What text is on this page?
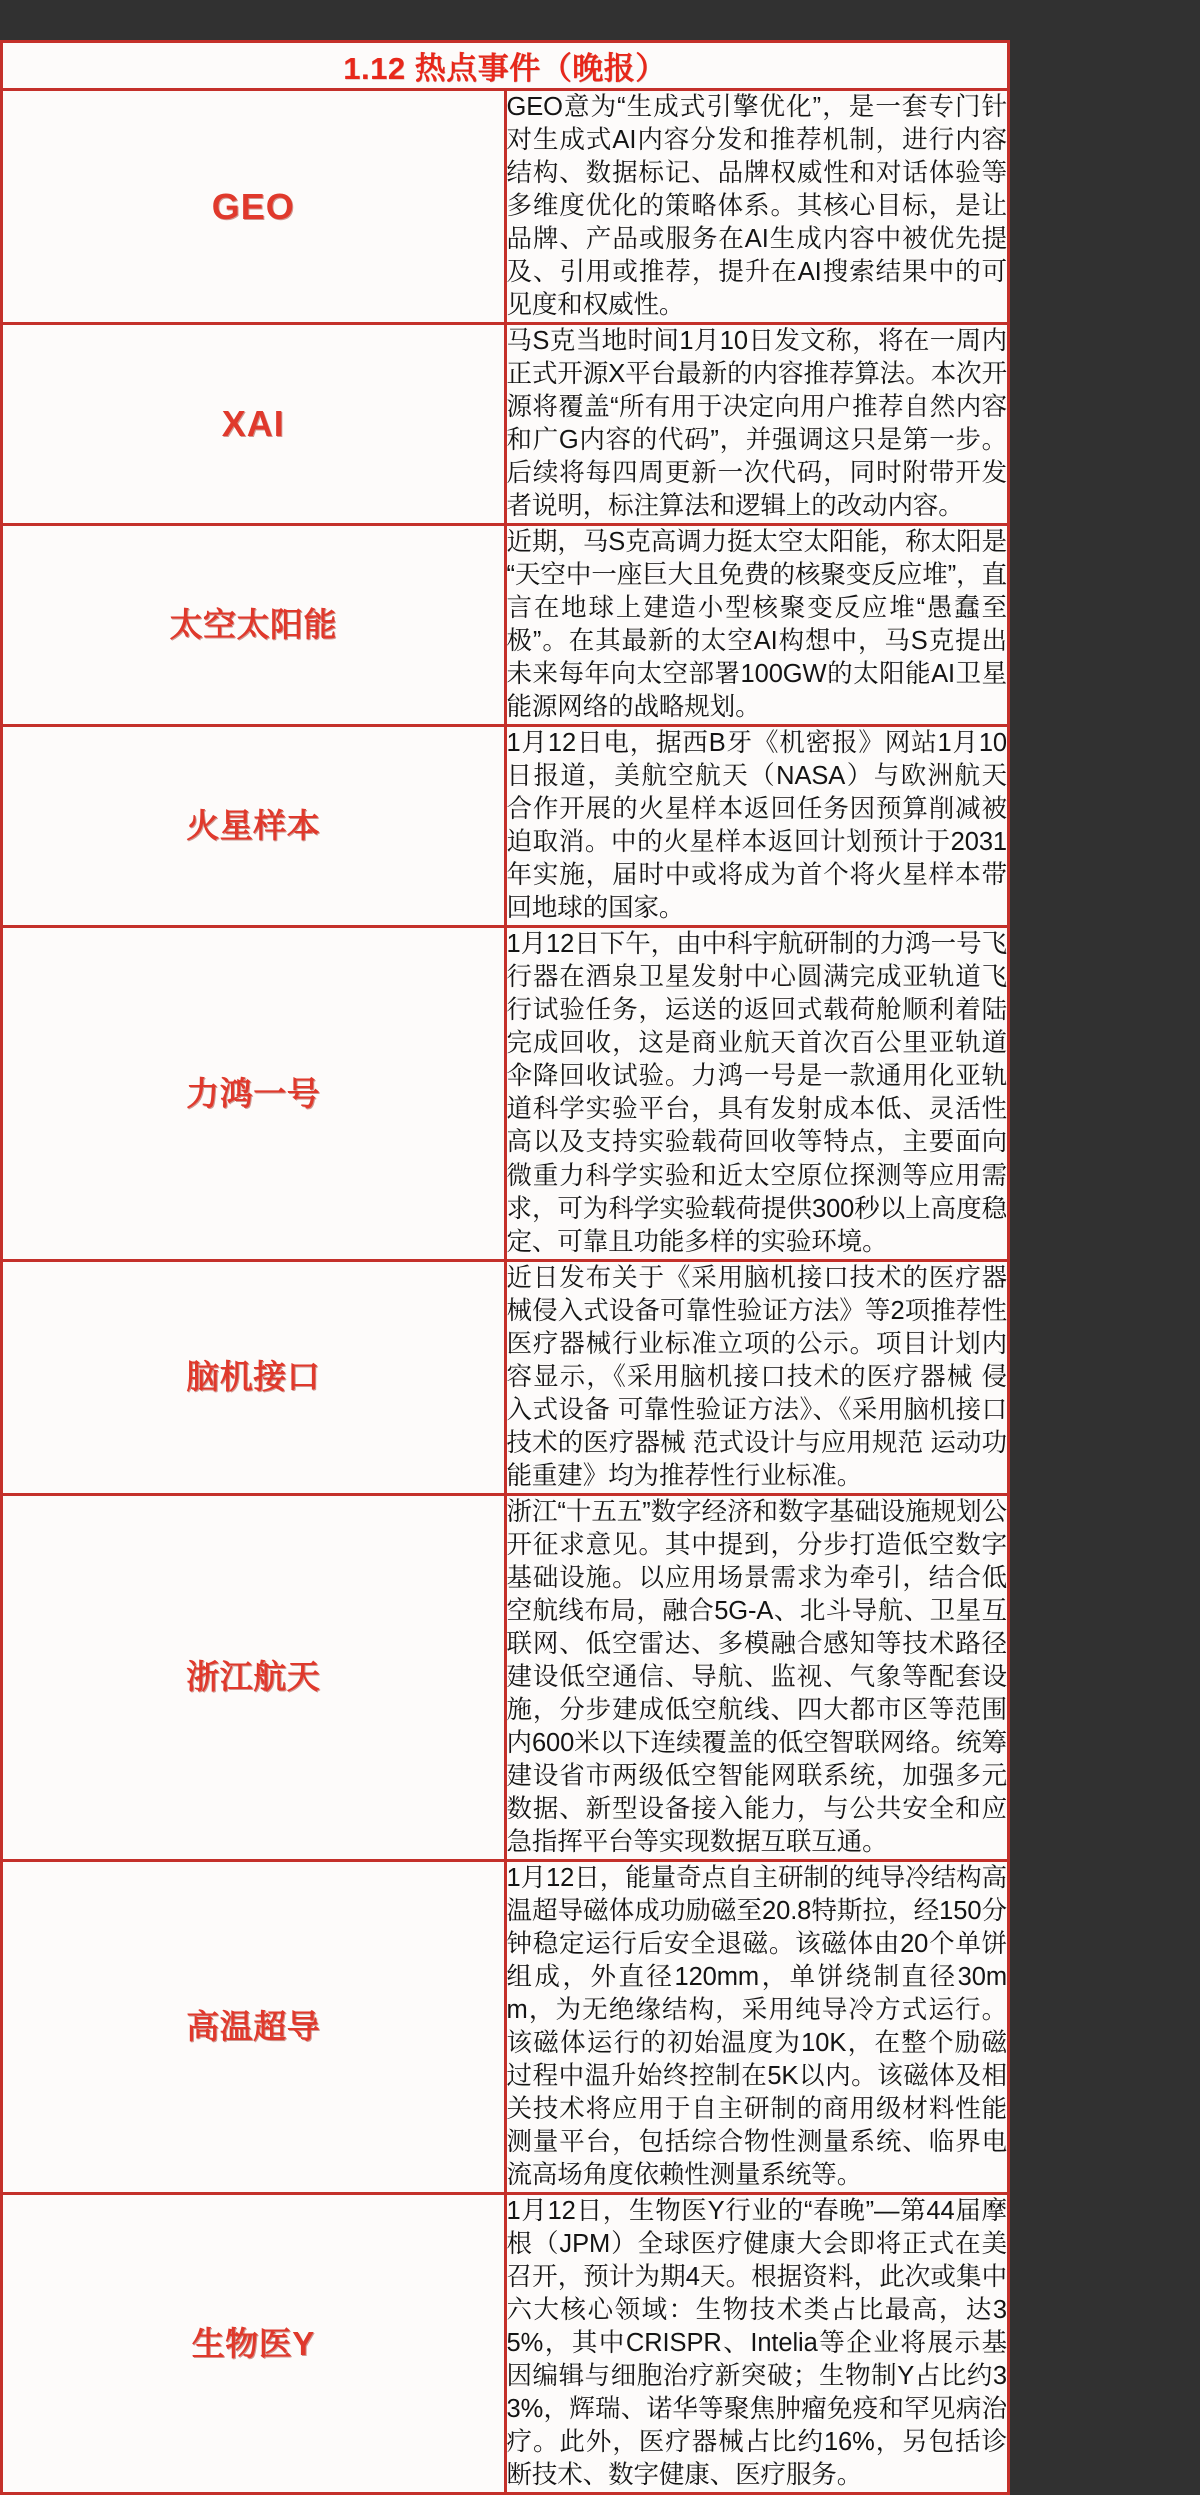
1.12 热点事件（晚报）	
GEO	GEO意为“生成式引擎优化”，是一套专门针对生成式AI内容分发和推荐机制，进行内容结构、数据标记、品牌权威性和对话体验等多维度优化的策略体系。其核心目标，是让品牌、产品或服务在AI生成内容中被优先提及、引用或推荐，提升在AI搜索结果中的可见度和权威性。

XAI	马S克当地时间1月10日发文称，将在一周内正式开源X平台最新的内容推荐算法。本次开源将覆盖“所有用于决定向用户推荐自然内容和广G内容的代码”，并强调这只是第一步。后续将每四周更新一次代码，同时附带开发者说明，标注算法和逻辑上的改动内容。

太空太阳能	近期，马S克高调力挺太空太阳能，称太阳是“天空中一座巨大且免费的核聚变反应堆”，直言在地球上建造小型核聚变反应堆“愚蠢至极”。在其最新的太空AI构想中，马S克提出未来每年向太空部署100GW的太阳能AI卫星能源网络的战略规划。

火星样本	1月12日电，据西B牙《机密报》网站1月10日报道，美航空航天（NASA）与欧洲航天合作开展的火星样本返回任务因预算削减被迫取消。中的火星样本返回计划预计于2031年实施，届时中或将成为首个将火星样本带回地球的国家。

力鸿一号	1月12日下午，由中科宇航研制的力鸿一号飞行器在酒泉卫星发射中心圆满完成亚轨道飞行试验任务，运送的返回式载荷舱顺利着陆完成回收，这是商业航天首次百公里亚轨道伞降回收试验。力鸿一号是一款通用化亚轨道科学实验平台，具有发射成本低、灵活性高以及支持实验载荷回收等特点，主要面向微重力科学实验和近太空原位探测等应用需求，可为科学实验载荷提供300秒以上高度稳定、可靠且功能多样的实验环境。

脑机接口	近日发布关于《采用脑机接口技术的医疗器械侵入式设备可靠性验证方法》等2项推荐性医疗器械行业标准立项的公示。项目计划内容显示，《采用脑机接口技术的医疗器械 侵入式设备 可靠性验证方法》、《采用脑机接口技术的医疗器械 范式设计与应用规范 运动功能重建》均为推荐性行业标准。

浙江航天	浙江“十五五”数字经济和数字基础设施规划公开征求意见。其中提到，分步打造低空数字基础设施。以应用场景需求为牵引，结合低空航线布局，融合5G-A、北斗导航、卫星互联网、低空雷达、多模融合感知等技术路径建设低空通信、导航、监视、气象等配套设施，分步建成低空航线、四大都市区等范围内600米以下连续覆盖的低空智联网络。统筹建设省市两级低空智能网联系统，加强多元数据、新型设备接入能力，与公共安全和应急指挥平台等实现数据互联互通。

高温超导	1月12日，能量奇点自主研制的纯导冷结构高温超导磁体成功励磁至20.8特斯拉，经150分钟稳定运行后安全退磁。该磁体由20个单饼组成，外直径120mm，单饼绕制直径30mm，为无绝缘结构，采用纯导冷方式运行。该磁体运行的初始温度为10K，在整个励磁过程中温升始终控制在5K以内。该磁体及相关技术将应用于自主研制的商用级材料性能测量平台，包括综合物性测量系统、临界电流高场角度依赖性测量系统等。

生物医Y	1月12日，生物医Y行业的“春晚”—第44届摩根（JPM）全球医疗健康大会即将正式在美召开，预计为期4天。根据资料，此次或集中六大核心领域：生物技术类占比最高，达35%，其中CRISPR、Intelia等企业将展示基因编辑与细胞治疗新突破；生物制Y占比约33%，辉瑞、诺华等聚焦肿瘤免疫和罕见病治疗。此外，医疗器械占比约16%，另包括诊断技术、数字健康、医疗服务。
